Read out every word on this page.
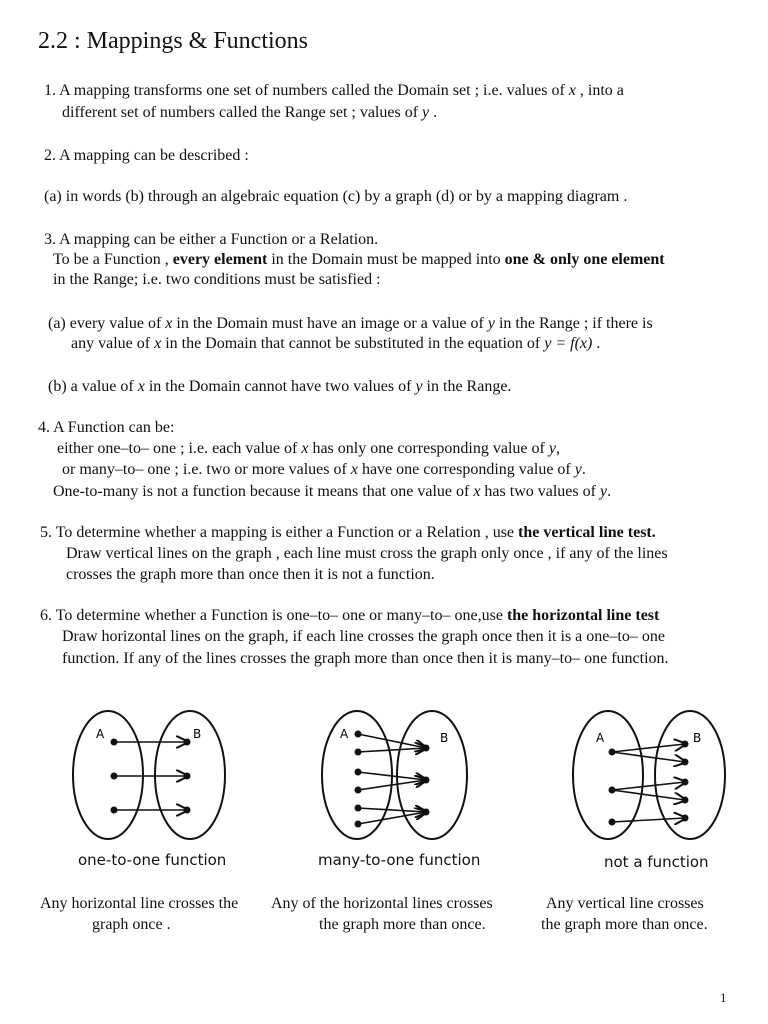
2.2 : Mappings & Functions
1. A mapping transforms one set of numbers called the Domain set ; i.e. values of x , into a
different set of numbers called the Range set ; values of y .
2. A mapping can be described :
(a) in words (b) through an algebraic equation (c) by a graph (d) or by a mapping diagram .
3. A mapping can be either a Function or a Relation.
To be a Function , every element in the Domain must be mapped into one & only one element
in the Range; i.e. two conditions must be satisfied :
(a) every value of x in the Domain must have an image or a value of y in the Range ; if there is
any value of x in the Domain that cannot be substituted in the equation of y = f(x) .
(b) a value of x in the Domain cannot have two values of y in the Range.
4. A Function can be:
either one–to– one ; i.e. each value of x has only one corresponding value of y,
or many–to– one ; i.e. two or more values of x have one corresponding value of y.
One-to-many is not a function because it means that one value of x has two values of y.
5. To determine whether a mapping is either a Function or a Relation , use the vertical line test.
Draw vertical lines on the graph , each line must cross the graph only once , if any of the lines
crosses the graph more than once then it is not a function.
6. To determine whether a Function is one–to– one or many–to– one,use the horizontal line test
Draw horizontal lines on the graph, if each line crosses the graph once then it is a one–to– one
function. If any of the lines crosses the graph more than once then it is many–to– one function.
A	B	A	B	A	B
one-to-one function	many-to-one function	not a function
Any horizontal line crosses the
graph once .
Any of the horizontal lines crosses
the graph more than once.
Any vertical line crosses
the graph more than once.
1
